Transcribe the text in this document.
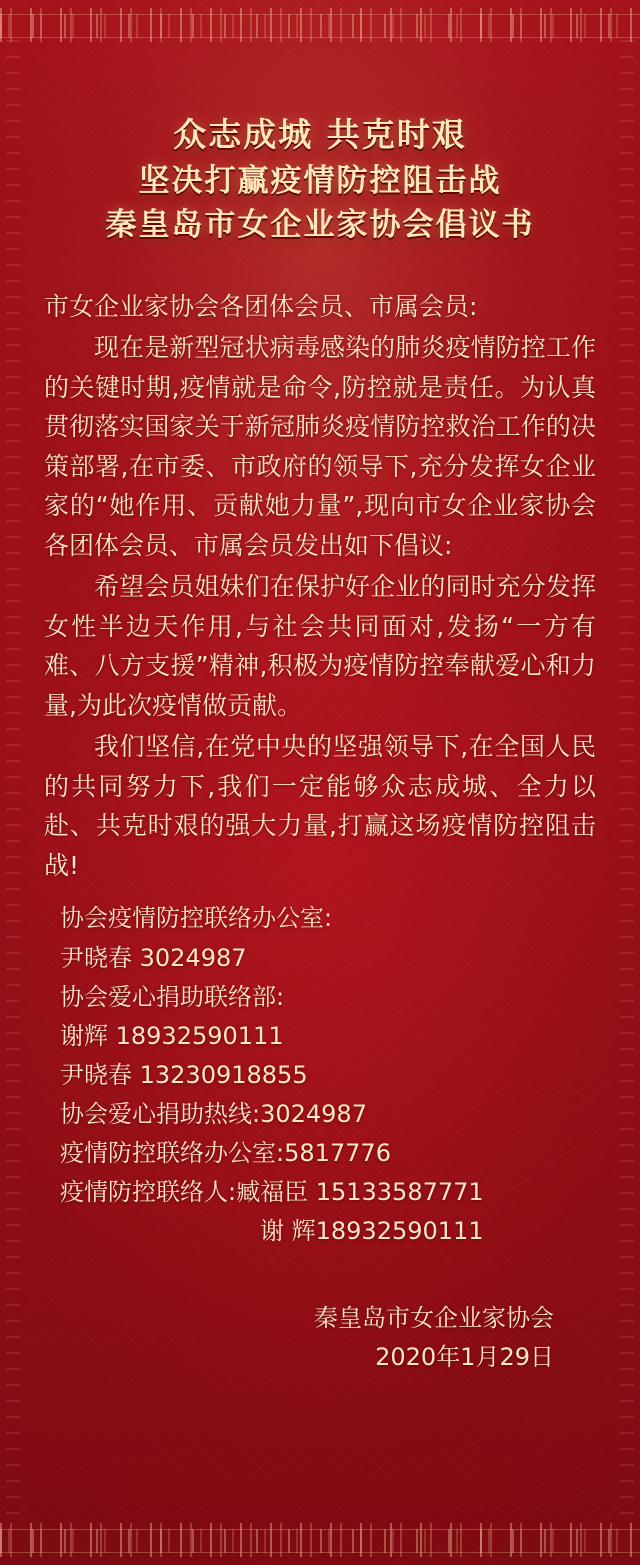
众志成城 共克时艰
坚决打赢疫情防控阻击战
秦皇岛市女企业家协会倡议书

市女企业家协会各团体会员、市属会员:

现在是新型冠状病毒感染的肺炎疫情防控工作的关键时期,疫情就是命令,防控就是责任。为认真贯彻落实国家关于新冠肺炎疫情防控救治工作的决策部署,在市委、市政府的领导下,充分发挥女企业家的“她作用、贡献她力量”,现向市女企业家协会各团体会员、市属会员发出如下倡议:

希望会员姐妹们在保护好企业的同时充分发挥女性半边天作用,与社会共同面对,发扬“一方有难、八方支援”精神,积极为疫情防控奉献爱心和力量,为此次疫情做贡献。

我们坚信,在党中央的坚强领导下,在全国人民的共同努力下,我们一定能够众志成城、全力以赴、共克时艰的强大力量,打赢这场疫情防控阻击战!

协会疫情防控联络办公室:
尹晓春 3024987
协会爱心捐助联络部:
谢辉 18932590111
尹晓春 13230918855
协会爱心捐助热线:3024987
疫情防控联络办公室:5817776
疫情防控联络人:臧福臣 15133587771
谢 辉18932590111
秦皇岛市女企业家协会
2020年1月29日
